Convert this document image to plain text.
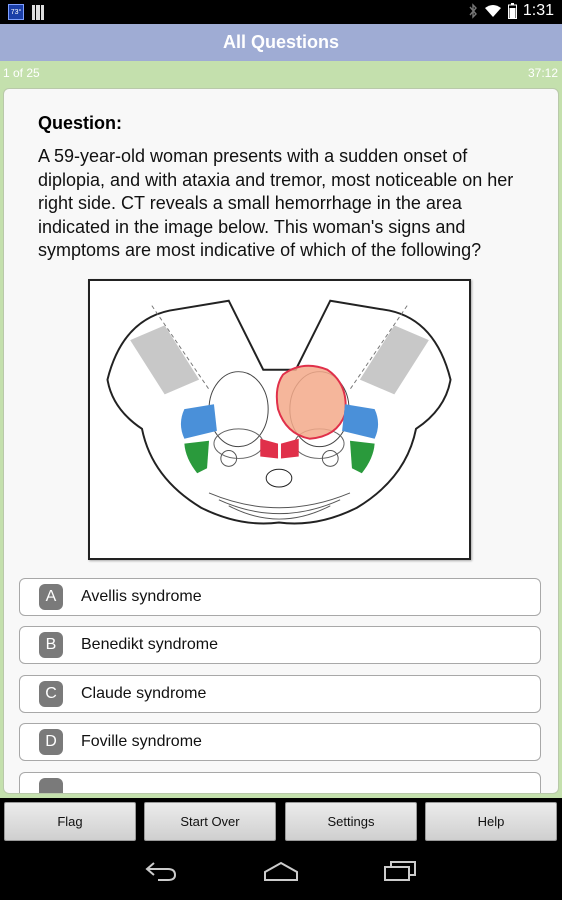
73°	1:31
All Questions
1 of 25	37:12
Question:
A 59-year-old woman presents with a sudden onset of diplopia, and with ataxia and tremor, most noticeable on her right side. CT reveals a small hemorrhage in the area indicated in the image below. This woman's signs and symptoms are most indicative of which of the following?
A	Avellis syndrome
B	Benedikt syndrome
C	Claude syndrome
D	Foville syndrome
Flag	Start Over	Settings	Help
